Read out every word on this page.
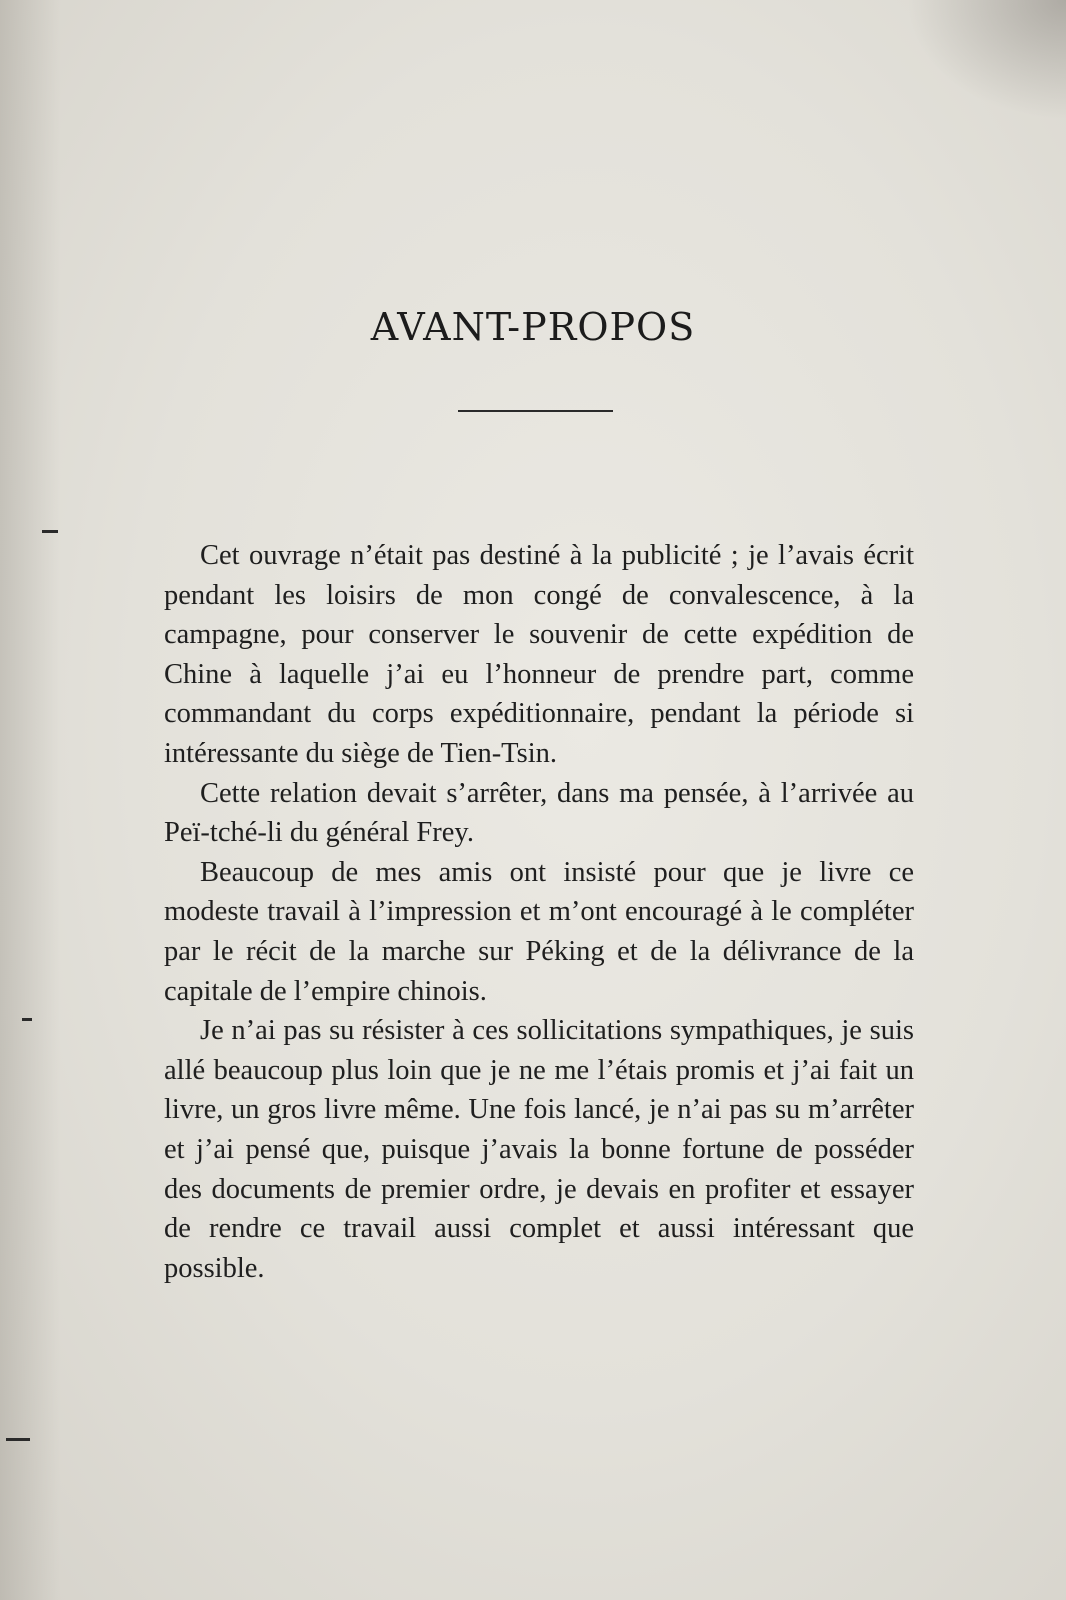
AVANT-PROPOS

Cet ouvrage n’était pas destiné à la publicité ; je l’avais écrit pendant les loisirs de mon congé de convalescence, à la campagne, pour conserver le souvenir de cette expédition de Chine à laquelle j’ai eu l’honneur de prendre part, comme commandant du corps expéditionnaire, pendant la période si intéressante du siège de Tien-Tsin.

Cette relation devait s’arrêter, dans ma pensée, à l’arrivée au Peï-tché-li du général Frey.

Beaucoup de mes amis ont insisté pour que je livre ce modeste travail à l’impression et m’ont encouragé à le compléter par le récit de la marche sur Péking et de la délivrance de la capitale de l’empire chinois.

Je n’ai pas su résister à ces sollicitations sympathiques, je suis allé beaucoup plus loin que je ne me l’étais promis et j’ai fait un livre, un gros livre même. Une fois lancé, je n’ai pas su m’arrêter et j’ai pensé que, puisque j’avais la bonne fortune de posséder des documents de premier ordre, je devais en profiter et essayer de rendre ce travail aussi complet et aussi intéressant que possible.
